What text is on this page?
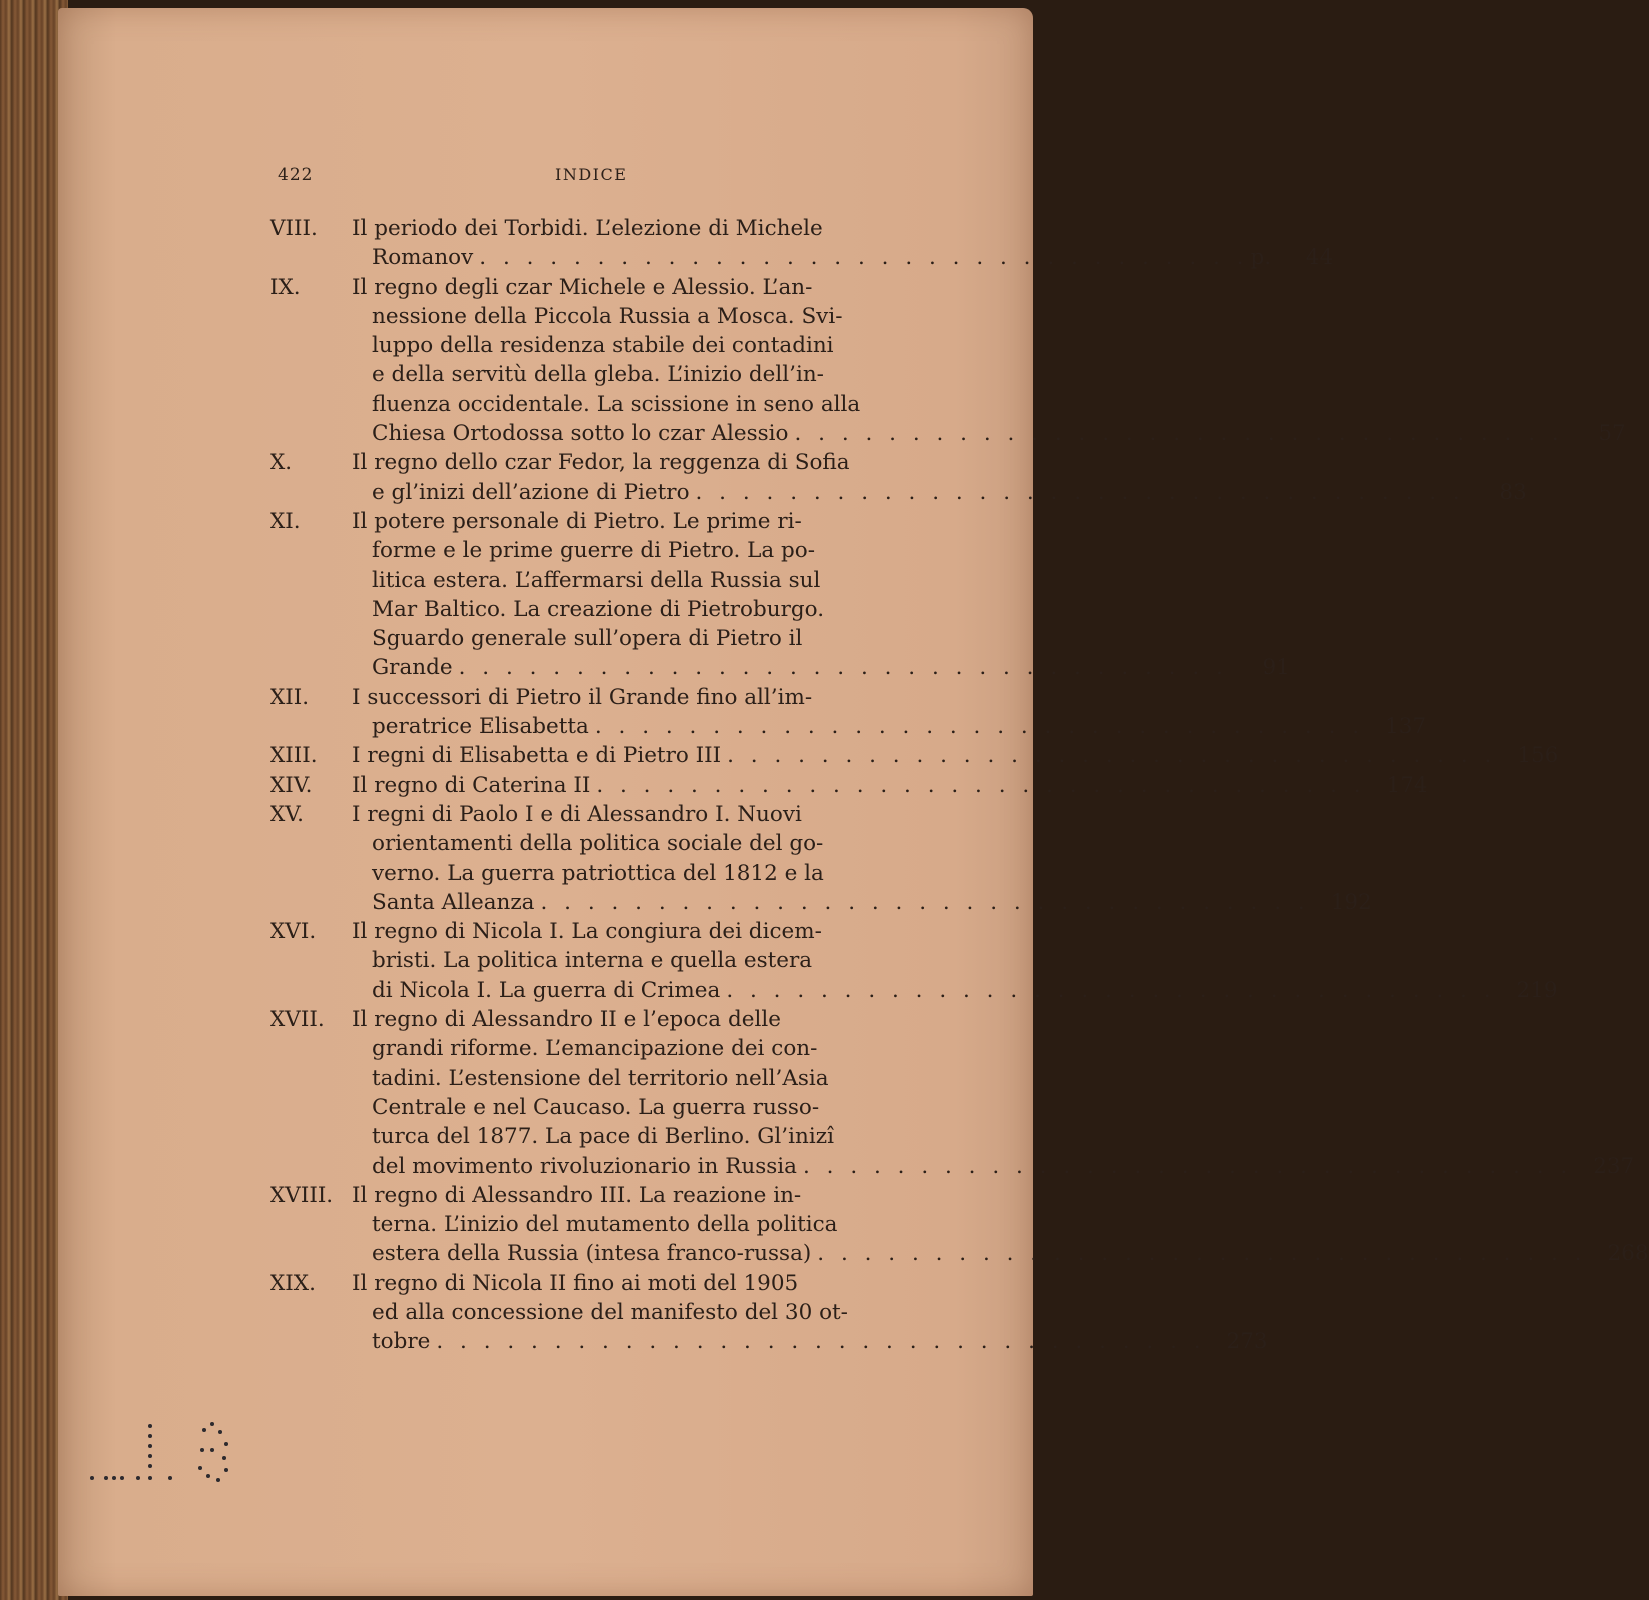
422	INDICE
VIII.	Il periodo dei Torbidi. L’elezione di Michele
Romanov . . . . . . . . . . . . . . . . . . . . . . . . . . . . . . . . . p.	44
IX.	Il regno degli czar Michele e Alessio. L’an-
nessione della Piccola Russia a Mosca. Svi-
luppo della residenza stabile dei contadini
e della servitù della gleba. L’inizio dell’in-
fluenza occidentale. La scissione in seno alla
Chiesa Ortodossa sotto lo czar Alessio . . . . . . . . . . . . . . . . . . . . . . . . . . . . . . . . .	57
X.	Il regno dello czar Fedor, la reggenza di Sofia
e gl’inizi dell’azione di Pietro . . . . . . . . . . . . . . . . . . . . . . . . . . . . . . . . .	83
XI.	Il potere personale di Pietro. Le prime ri-
forme e le prime guerre di Pietro. La po-
litica estera. L’affermarsi della Russia sul
Mar Baltico. La creazione di Pietroburgo.
Sguardo generale sull’opera di Pietro il
Grande . . . . . . . . . . . . . . . . . . . . . . . . . . . . . . . . .	91
XII.	I successori di Pietro il Grande fino all’im-
peratrice Elisabetta . . . . . . . . . . . . . . . . . . . . . . . . . . . . . . . . . 137
XIII.	I regni di Elisabetta e di Pietro III . . . . . . . . . . . . . . . . . . . . . . . . . . . . . . . . . 156
XIV.	Il regno di Caterina II . . . . . . . . . . . . . . . . . . . . . . . . . . . . . . . . . 174
XV.	I regni di Paolo I e di Alessandro I. Nuovi
orientamenti della politica sociale del go-
verno. La guerra patriottica del 1812 e la
Santa Alleanza . . . . . . . . . . . . . . . . . . . . . . . . . . . . . . . . . 192
XVI.	Il regno di Nicola I. La congiura dei dicem-
bristi. La politica interna e quella estera
di Nicola I. La guerra di Crimea . . . . . . . . . . . . . . . . . . . . . . . . . . . . . . . . . 219
XVII.	Il regno di Alessandro II e l’epoca delle
grandi riforme. L’emancipazione dei con-
tadini. L’estensione del territorio nell’Asia
Centrale e nel Caucaso. La guerra russo-
turca del 1877. La pace di Berlino. Gl’inizî
del movimento rivoluzionario in Russia . . . . . . . . . . . . . . . . . . . . . . . . . . . . . . . . . 237
XVIII. Il regno di Alessandro III. La reazione in-
terna. L’inizio del mutamento della politica
estera della Russia (intesa franco-russa) . . . . . . . . . . . . . . . . . . . . . . . . . . . . . . . . . 268
XIX.	Il regno di Nicola II fino ai moti del 1905
ed alla concessione del manifesto del 30 ot-
tobre . . . . . . . . . . . . . . . . . . . . . . . . . . . . . . . . . 273
